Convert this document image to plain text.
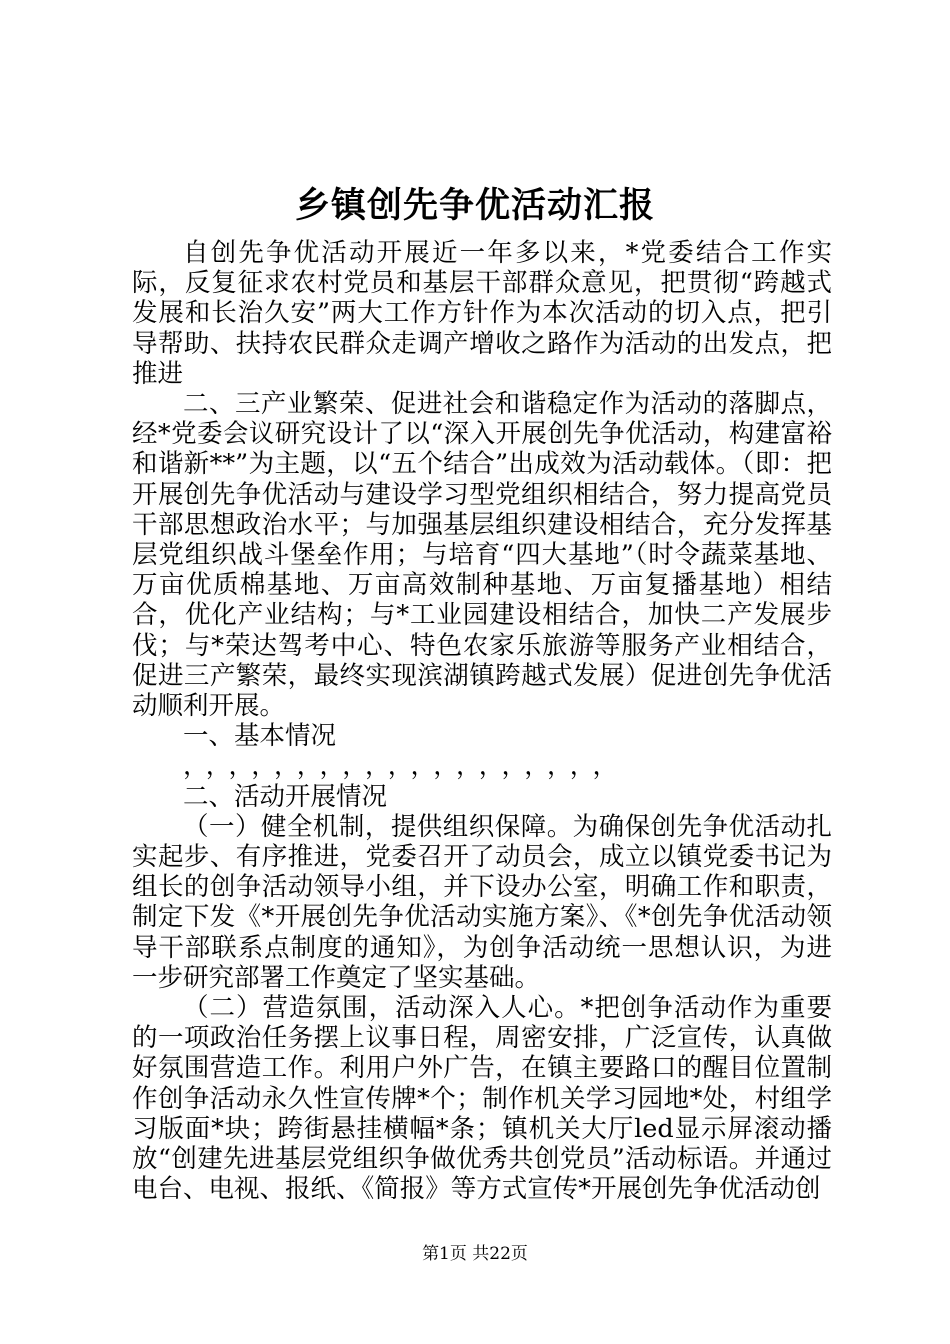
乡镇创先争优活动汇报

自创先争优活动开展近一年多以来，*党委结合工作实际，反复征求农村党员和基层干部群众意见，把贯彻“跨越式发展和长治久安”两大工作方针作为本次活动的切入点，把引导帮助、扶持农民群众走调产增收之路作为活动的出发点，把推进

二、三产业繁荣、促进社会和谐稳定作为活动的落脚点，经*党委会议研究设计了以“深入开展创先争优活动，构建富裕和谐新**”为主题，以“五个结合”出成效为活动载体。（即：把开展创先争优活动与建设学习型党组织相结合，努力提高党员干部思想政治水平；与加强基层组织建设相结合，充分发挥基层党组织战斗堡垒作用；与培育“四大基地”（时令蔬菜基地、万亩优质棉基地、万亩高效制种基地、万亩复播基地）相结合，优化产业结构；与*工业园建设相结合，加快二产发展步伐；与*荣达驾考中心、特色农家乐旅游等服务产业相结合，促进三产繁荣，最终实现滨湖镇跨越式发展）促进创先争优活动顺利开展。

一、基本情况

，，，，，，，，，，，，，，，，，，，

二、活动开展情况

（一）健全机制，提供组织保障。为确保创先争优活动扎实起步、有序推进，党委召开了动员会，成立以镇党委书记为组长的创争活动领导小组，并下设办公室，明确工作和职责，制定下发《*开展创先争优活动实施方案》、《*创先争优活动领导干部联系点制度的通知》，为创争活动统一思想认识，为进一步研究部署工作奠定了坚实基础。

（二）营造氛围，活动深入人心。*把创争活动作为重要的一项政治任务摆上议事日程，周密安排，广泛宣传，认真做好氛围营造工作。利用户外广告，在镇主要路口的醒目位置制作创争活动永久性宣传牌*个；制作机关学习园地*处，村组学习版面*块；跨街悬挂横幅*条；镇机关大厅led显示屏滚动播放“创建先进基层党组织争做优秀共创党员”活动标语。并通过电台、电视、报纸、《简报》等方式宣传*开展创先争优活动创

第1页 共22页
